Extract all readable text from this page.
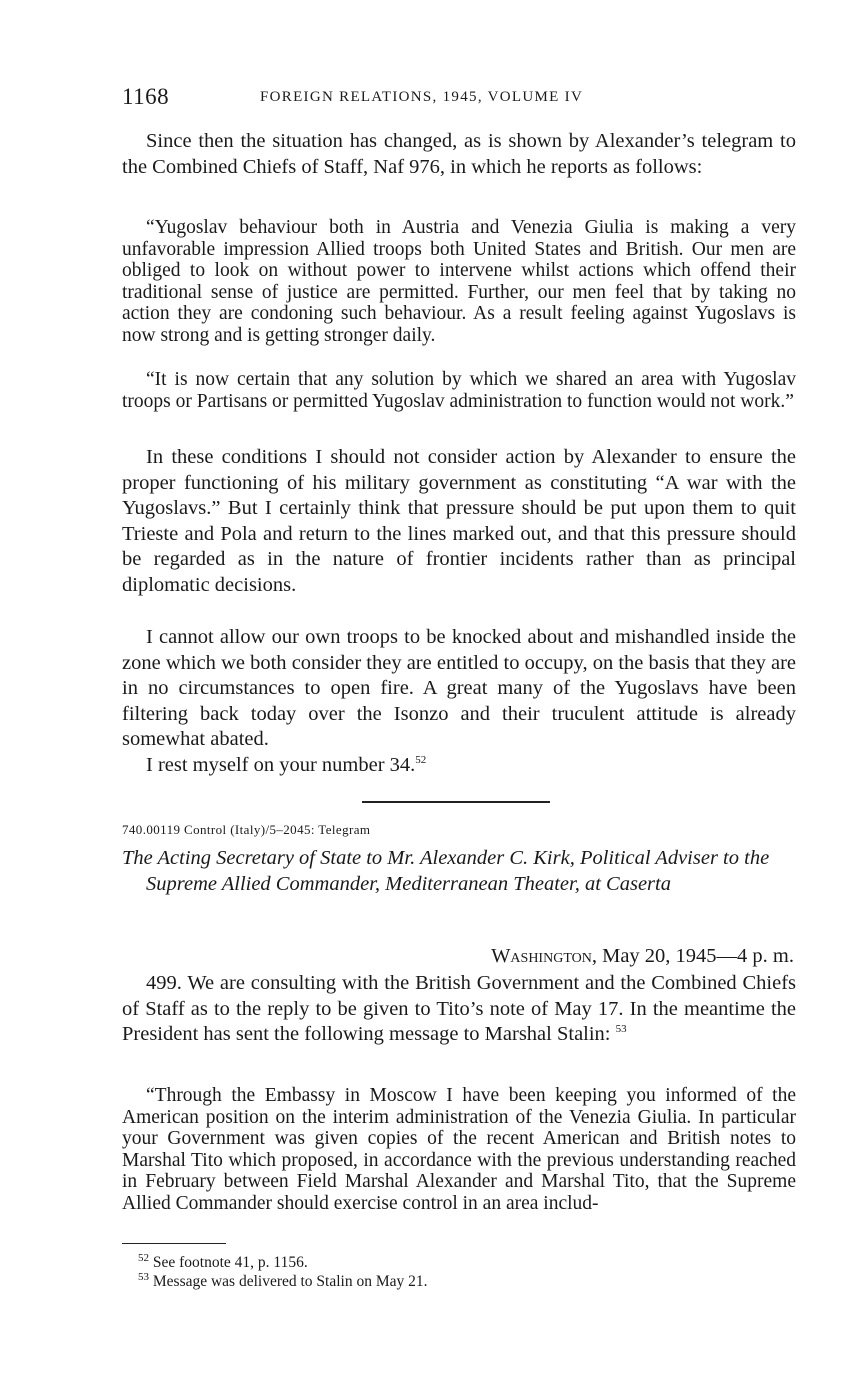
1168	FOREIGN RELATIONS, 1945, VOLUME IV

Since then the situation has changed, as is shown by Alexander’s telegram to the Combined Chiefs of Staff, Naf 976, in which he reports as follows:

“Yugoslav behaviour both in Austria and Venezia Giulia is making a very unfavorable impression Allied troops both United States and British. Our men are obliged to look on without power to intervene whilst actions which offend their traditional sense of justice are permitted. Further, our men feel that by taking no action they are condoning such behaviour. As a result feeling against Yugoslavs is now strong and is getting stronger daily.

“It is now certain that any solution by which we shared an area with Yugoslav troops or Partisans or permitted Yugoslav administration to function would not work.”

In these conditions I should not consider action by Alexander to ensure the proper functioning of his military government as constituting “A war with the Yugoslavs.” But I certainly think that pressure should be put upon them to quit Trieste and Pola and return to the lines marked out, and that this pressure should be regarded as in the nature of frontier incidents rather than as principal diplomatic decisions.

I cannot allow our own troops to be knocked about and mishandled inside the zone which we both consider they are entitled to occupy, on the basis that they are in no circumstances to open fire. A great many of the Yugoslavs have been filtering back today over the Isonzo and their truculent attitude is already somewhat abated.

I rest myself on your number 34.52

740.00119 Control (Italy)/5–2045: Telegram

The Acting Secretary of State to Mr. Alexander C. Kirk, Political Adviser to the Supreme Allied Commander, Mediterranean Theater, at Caserta

Washington, May 20, 1945—4 p. m.

499. We are consulting with the British Government and the Combined Chiefs of Staff as to the reply to be given to Tito’s note of May 17. In the meantime the President has sent the following message to Marshal Stalin: $^{53}$

“Through the Embassy in Moscow I have been keeping you informed of the American position on the interim administration of the Venezia Giulia. In particular your Government was given copies of the recent American and British notes to Marshal Tito which proposed, in accordance with the previous understanding reached in February between Field Marshal Alexander and Marshal Tito, that the Supreme Allied Commander should exercise control in an area includ-

$^{52}$ See footnote 41, p. 1156.
$^{53}$ Message was delivered to Stalin on May 21.
